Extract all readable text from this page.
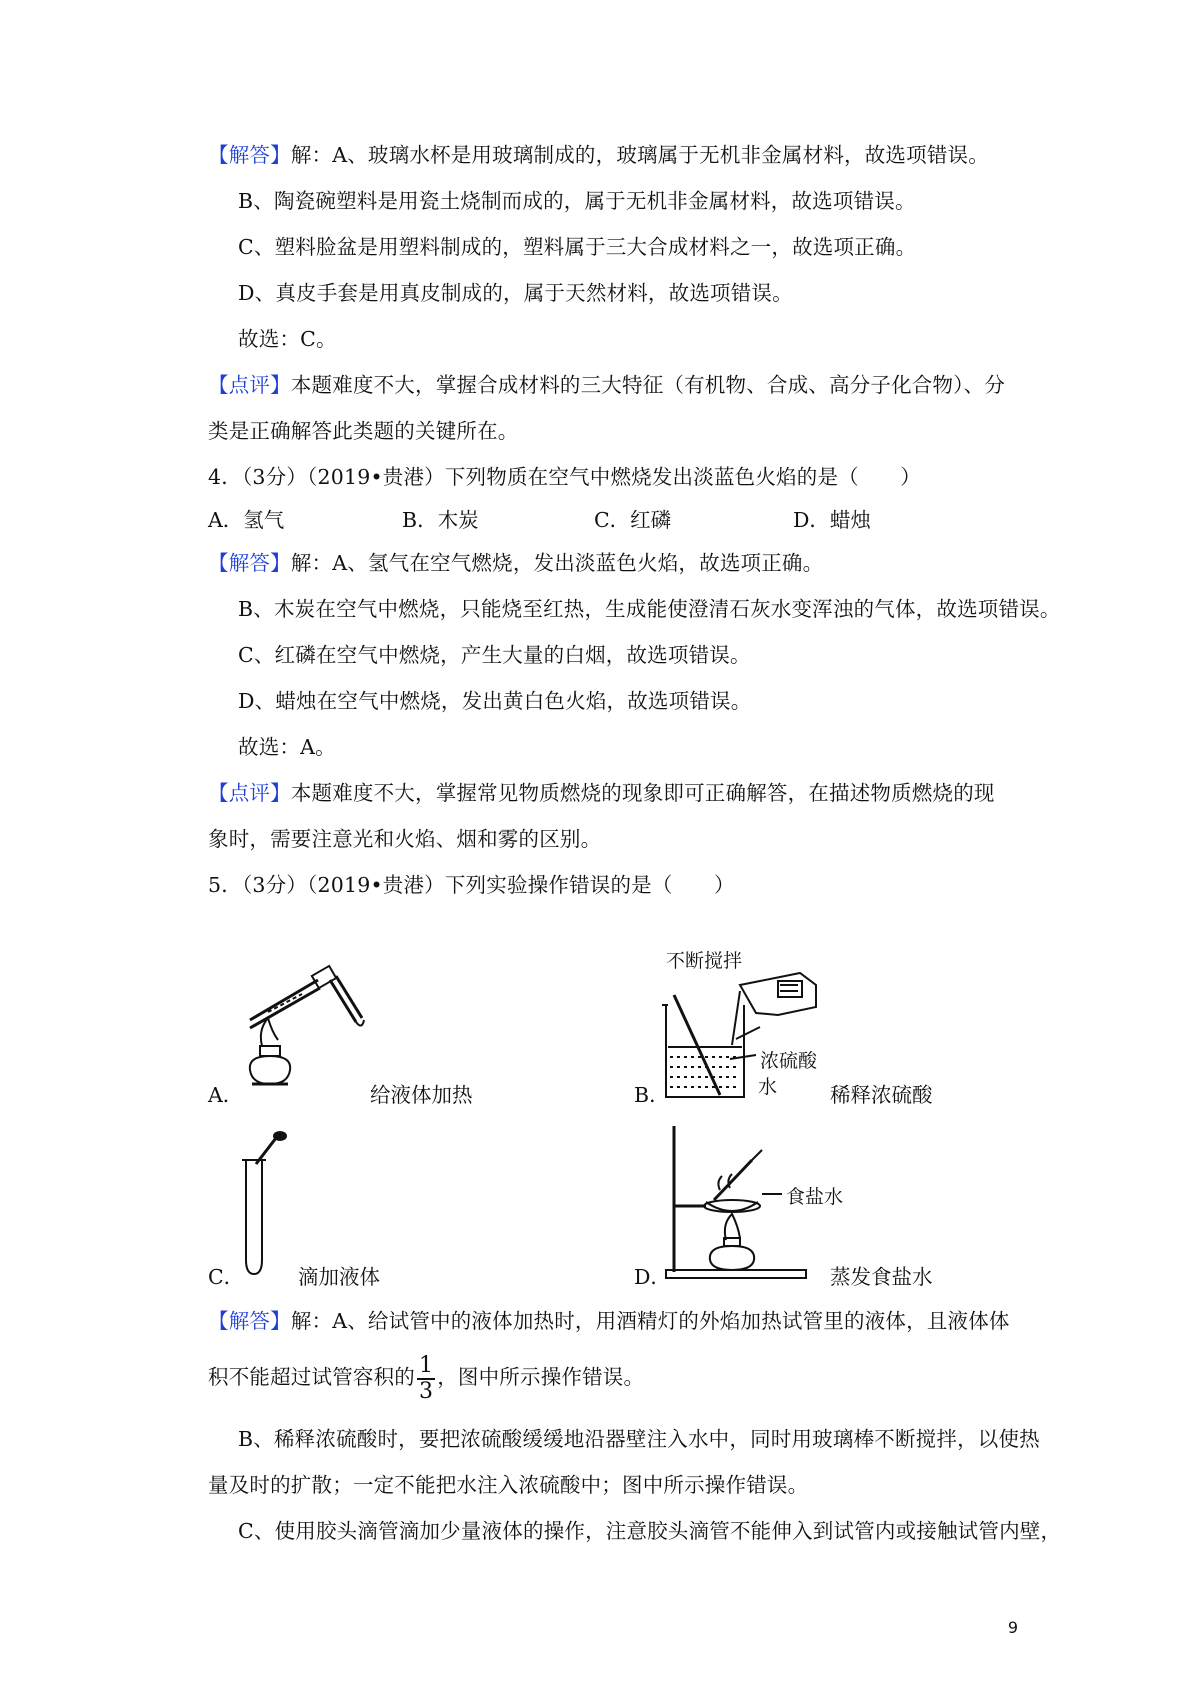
【解答】解：A、玻璃水杯是用玻璃制成的，玻璃属于无机非金属材料，故选项错误。
B、陶瓷碗塑料是用瓷土烧制而成的，属于无机非金属材料，故选项错误。
C、塑料脸盆是用塑料制成的，塑料属于三大合成材料之一，故选项正确。
D、真皮手套是用真皮制成的，属于天然材料，故选项错误。
故选：C。
【点评】本题难度不大，掌握合成材料的三大特征（有机物、合成、高分子化合物）、分
类是正确解答此类题的关键所在。
4．（3分）（2019•贵港）下列物质在空气中燃烧发出淡蓝色火焰的是（　　）
A．氢气	B．木炭	C．红磷	D．蜡烛
【解答】解：A、氢气在空气燃烧，发出淡蓝色火焰，故选项正确。
B、木炭在空气中燃烧，只能烧至红热，生成能使澄清石灰水变浑浊的气体，故选项错误。
C、红磷在空气中燃烧，产生大量的白烟，故选项错误。
D、蜡烛在空气中燃烧，发出黄白色火焰，故选项错误。
故选：A。
【点评】本题难度不大，掌握常见物质燃烧的现象即可正确解答，在描述物质燃烧的现
象时，需要注意光和火焰、烟和雾的区别。
5．（3分）（2019•贵港）下列实验操作错误的是（　　）
A．	给液体加热	B．
不断搅拌
浓硫酸
水	稀释浓硫酸
C．	滴加液体	D．
食盐水
蒸发食盐水
【解答】解：A、给试管中的液体加热时，用酒精灯的外焰加热试管里的液体，且液体体
积不能超过试管容积的 $\frac{1}{3}$ ，图中所示操作错误。
B、稀释浓硫酸时，要把浓硫酸缓缓地沿器壁注入水中，同时用玻璃棒不断搅拌，以使热
量及时的扩散；一定不能把水注入浓硫酸中；图中所示操作错误。
C、使用胶头滴管滴加少量液体的操作，注意胶头滴管不能伸入到试管内或接触试管内壁，
9
